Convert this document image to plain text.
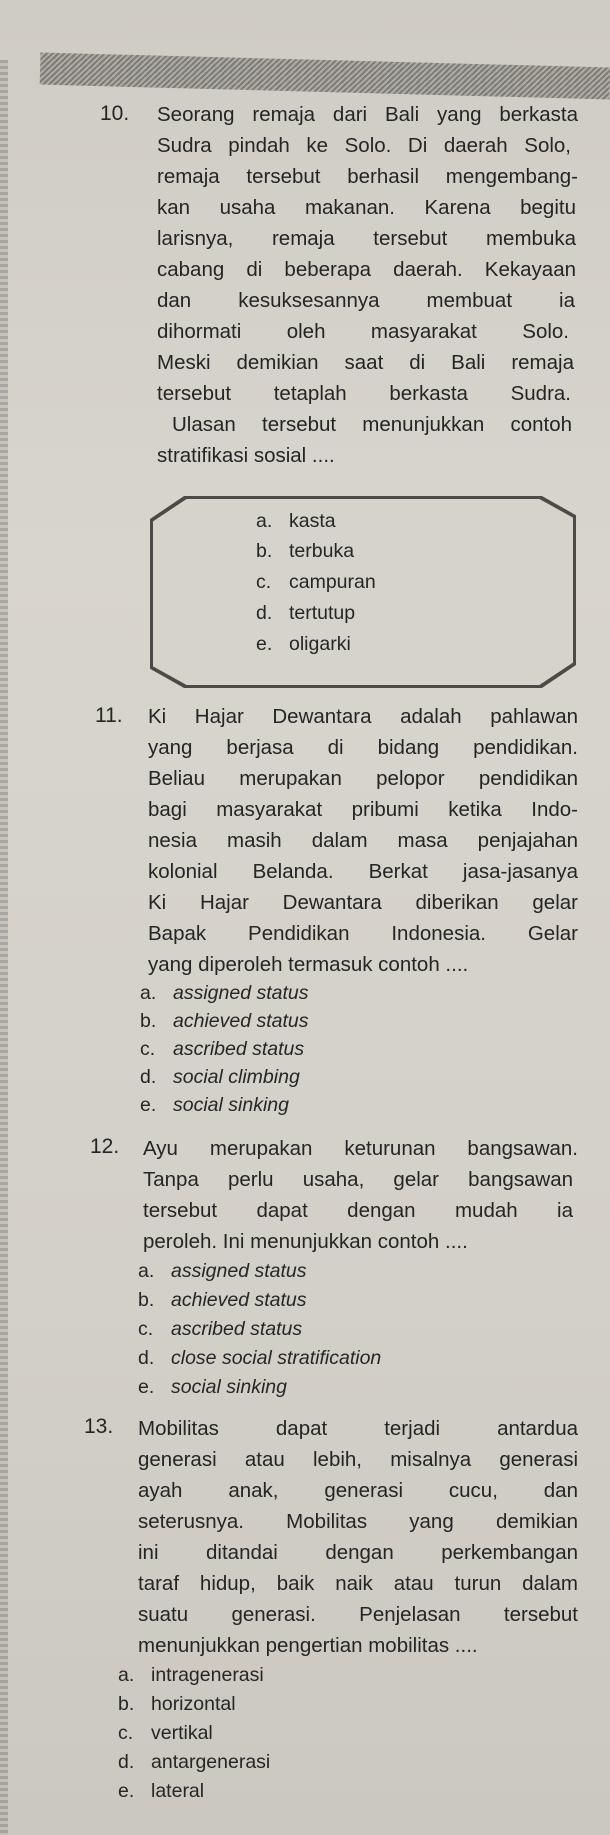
10. Seorang remaja dari Bali yang berkasta
Sudra pindah ke Solo. Di daerah Solo,
remaja tersebut berhasil mengembang-
kan usaha makanan. Karena begitu
larisnya, remaja tersebut membuka
cabang di beberapa daerah. Kekayaan
dan kesuksesannya membuat ia
dihormati oleh masyarakat Solo.
Meski demikian saat di Bali remaja
tersebut tetaplah berkasta Sudra.
Ulasan tersebut menunjukkan contoh
stratifikasi sosial ....
a. kasta
b. terbuka
c. campuran
d. tertutup
e. oligarki
11. Ki Hajar Dewantara adalah pahlawan
yang berjasa di bidang pendidikan.
Beliau merupakan pelopor pendidikan
bagi masyarakat pribumi ketika Indo-
nesia masih dalam masa penjajahan
kolonial Belanda. Berkat jasa-jasanya
Ki Hajar Dewantara diberikan gelar
Bapak Pendidikan Indonesia. Gelar
yang diperoleh termasuk contoh ....
a. assigned status
b. achieved status
c. ascribed status
d. social climbing
e. social sinking
12. Ayu merupakan keturunan bangsawan.
Tanpa perlu usaha, gelar bangsawan
tersebut dapat dengan mudah ia
peroleh. Ini menunjukkan contoh ....
a. assigned status
b. achieved status
c. ascribed status
d. close social stratification
e. social sinking
13. Mobilitas dapat terjadi antardua
generasi atau lebih, misalnya generasi
ayah anak, generasi cucu, dan
seterusnya. Mobilitas yang demikian
ini ditandai dengan perkembangan
taraf hidup, baik naik atau turun dalam
suatu generasi. Penjelasan tersebut
menunjukkan pengertian mobilitas ....
a. intragenerasi
b. horizontal
c. vertikal
d. antargenerasi
e. lateral
